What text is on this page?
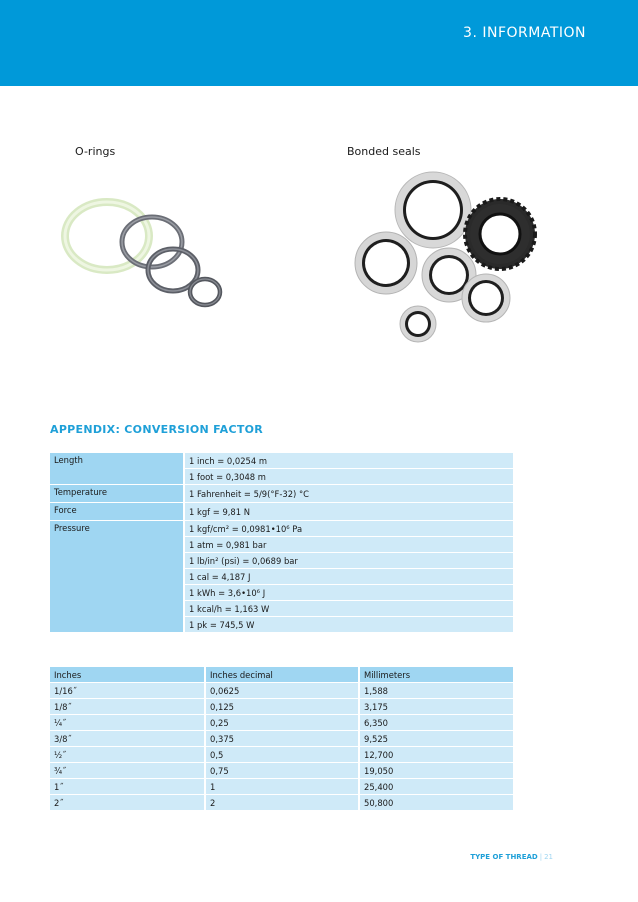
3. INFORMATION
O-rings	Bonded seals
APPENDIX: CONVERSION FACTOR
Length	1 inch = 0,0254 m
	1 foot = 0,3048 m
Temperature	1 Fahrenheit = 5/9(°F-32) °C
Force	1 kgf = 9,81 N
Pressure	1 kgf/cm² = 0,0981•10⁶ Pa
	1 atm = 0,981 bar
	1 lb/in² (psi) = 0,0689 bar
	1 cal = 4,187 J
	1 kWh = 3,6•10⁶ J
	1 kcal/h = 1,163 W
	1 pk = 745,5 W
Inches	Inches decimal	Millimeters
1/16˝	0,0625	1,588
1/8˝	0,125	3,175
¼˝	0,25	6,350
3/8˝	0,375	9,525
½˝	0,5	12,700
¾˝	0,75	19,050
1˝	1	25,400
2˝	2	50,800
TYPE OF THREAD | 21
